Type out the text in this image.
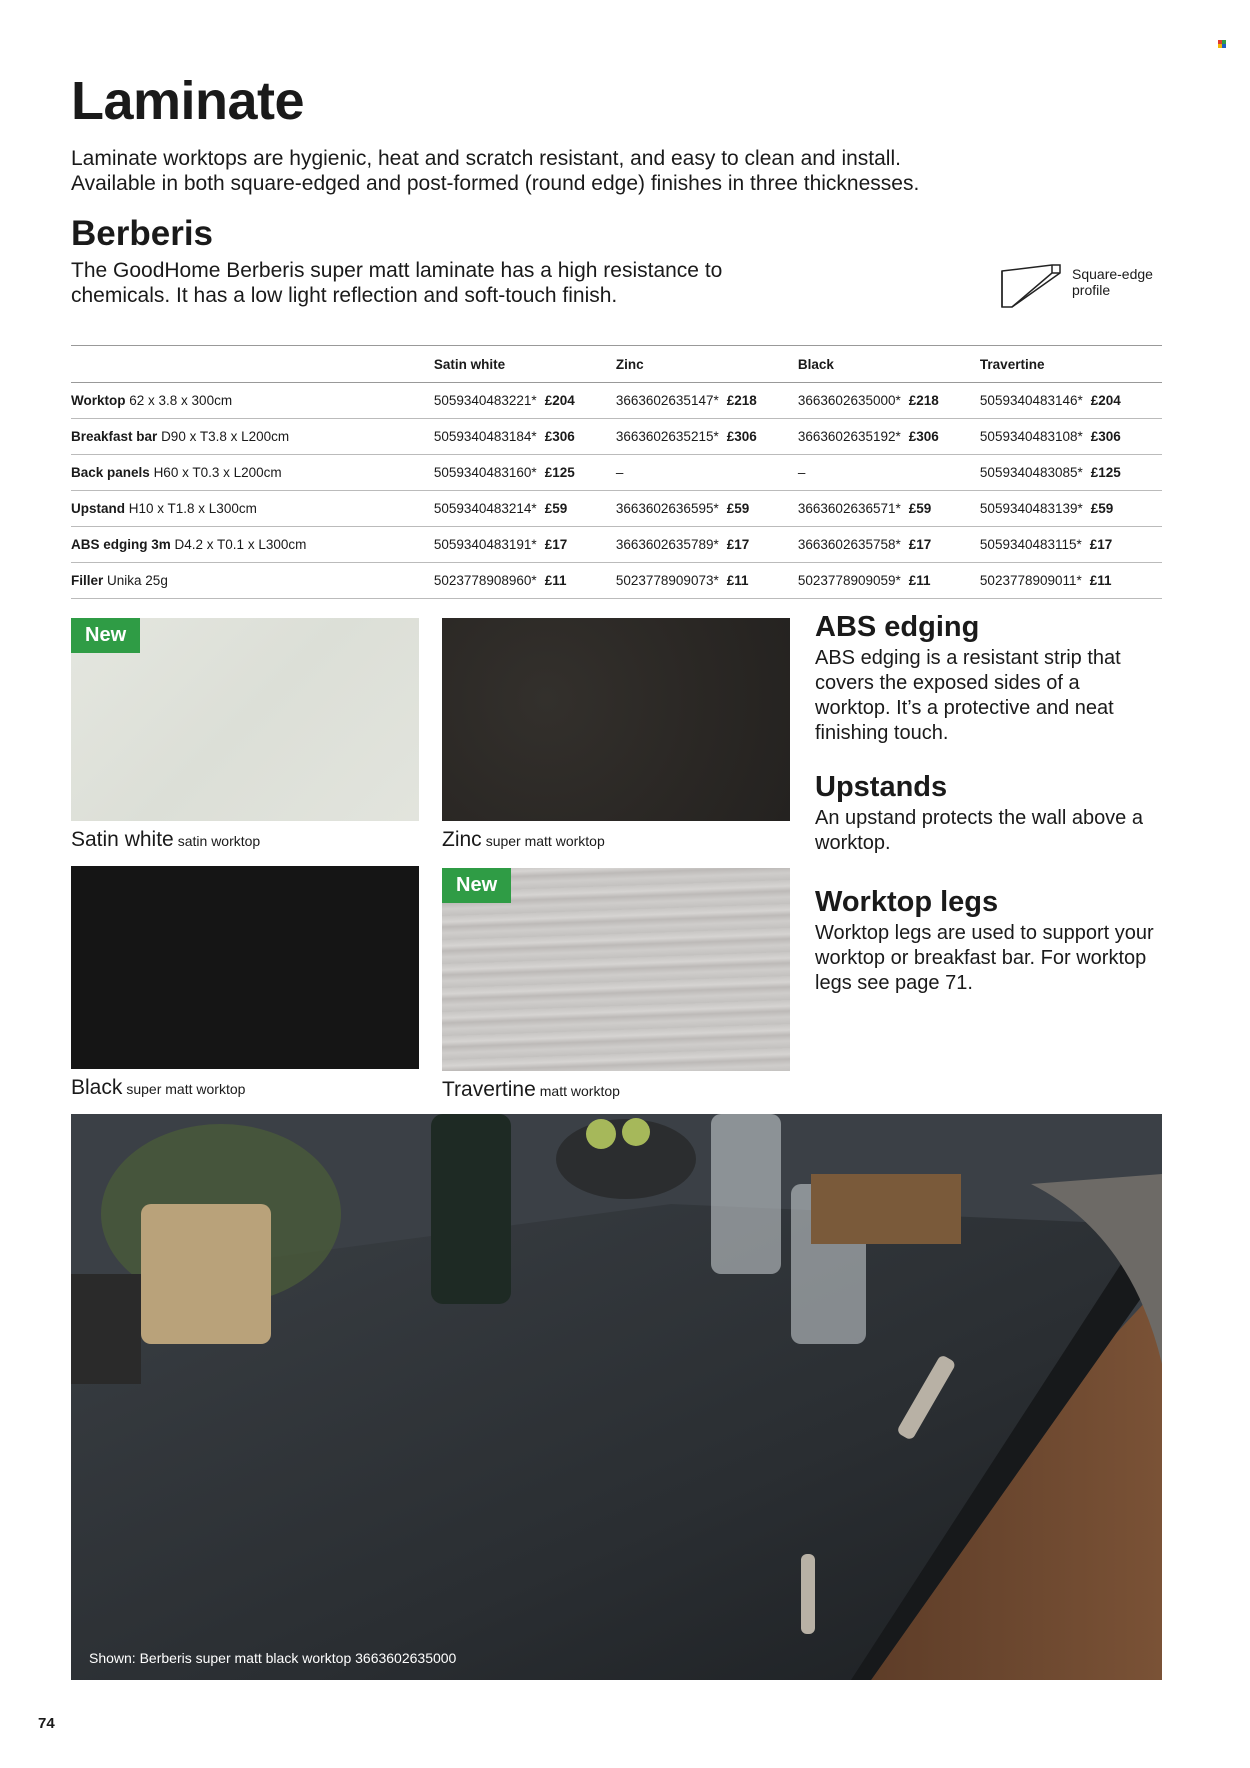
Laminate

Laminate worktops are hygienic, heat and scratch resistant, and easy to clean and install. Available in both square-edged and post-formed (round edge) finishes in three thicknesses.

Berberis

The GoodHome Berberis super matt laminate has a high resistance to chemicals. It has a low light reflection and soft-touch finish.

Square-edge profile
	Satin white	Zinc	Black	Travertine
Worktop 62 x 3.8 x 300cm	5059340483221* £204	3663602635147* £218	3663602635000* £218	5059340483146* £204
Breakfast bar D90 x T3.8 x L200cm	5059340483184* £306	3663602635215* £306	3663602635192* £306	5059340483108* £306
Back panels H60 x T0.3 x L200cm	5059340483160* £125	–	–	5059340483085* £125
Upstand H10 x T1.8 x L300cm	5059340483214* £59	3663602636595* £59	3663602636571* £59	5059340483139* £59
ABS edging 3m D4.2 x T0.1 x L300cm	5059340483191* £17	3663602635789* £17	3663602635758* £17	5059340483115* £17
Filler Unika 25g	5023778908960* £11	5023778909073* £11	5023778909059* £11	5023778909011* £11
New
Satin white satin worktop	Zinc super matt worktop
Black super matt worktop
New
Travertine matt worktop
ABS edging

ABS edging is a resistant strip that covers the exposed sides of a worktop. It’s a protective and neat finishing touch.

Upstands

An upstand protects the wall above a worktop.

Worktop legs

Worktop legs are used to support your worktop or breakfast bar. For worktop legs see page 71.

Shown: Berberis super matt black worktop 3663602635000
74
